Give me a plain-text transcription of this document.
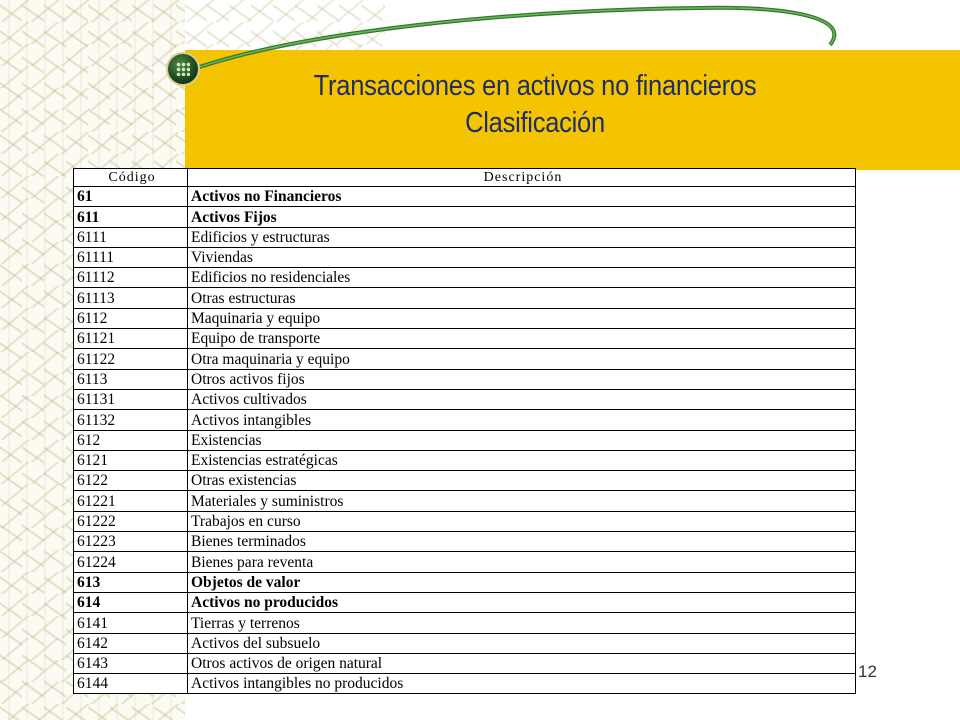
Transacciones en activos no financieros
Clasificación
Código	Descripción
61	Activos no Financieros
611	Activos Fijos
6111	Edificios y estructuras
61111	Viviendas
61112	Edificios no residenciales
61113	Otras estructuras
6112	Maquinaria y equipo
61121	Equipo de transporte
61122	Otra maquinaria y equipo
6113	Otros activos fijos
61131	Activos cultivados
61132	Activos intangibles
612	Existencias
6121	Existencias estratégicas
6122	Otras existencias
61221	Materiales y suministros
61222	Trabajos en curso
61223	Bienes terminados
61224	Bienes para reventa
613	Objetos de valor
614	Activos no producidos
6141	Tierras y terrenos
6142	Activos del subsuelo
6143	Otros activos de origen natural
6144	Activos intangibles no producidos
12
